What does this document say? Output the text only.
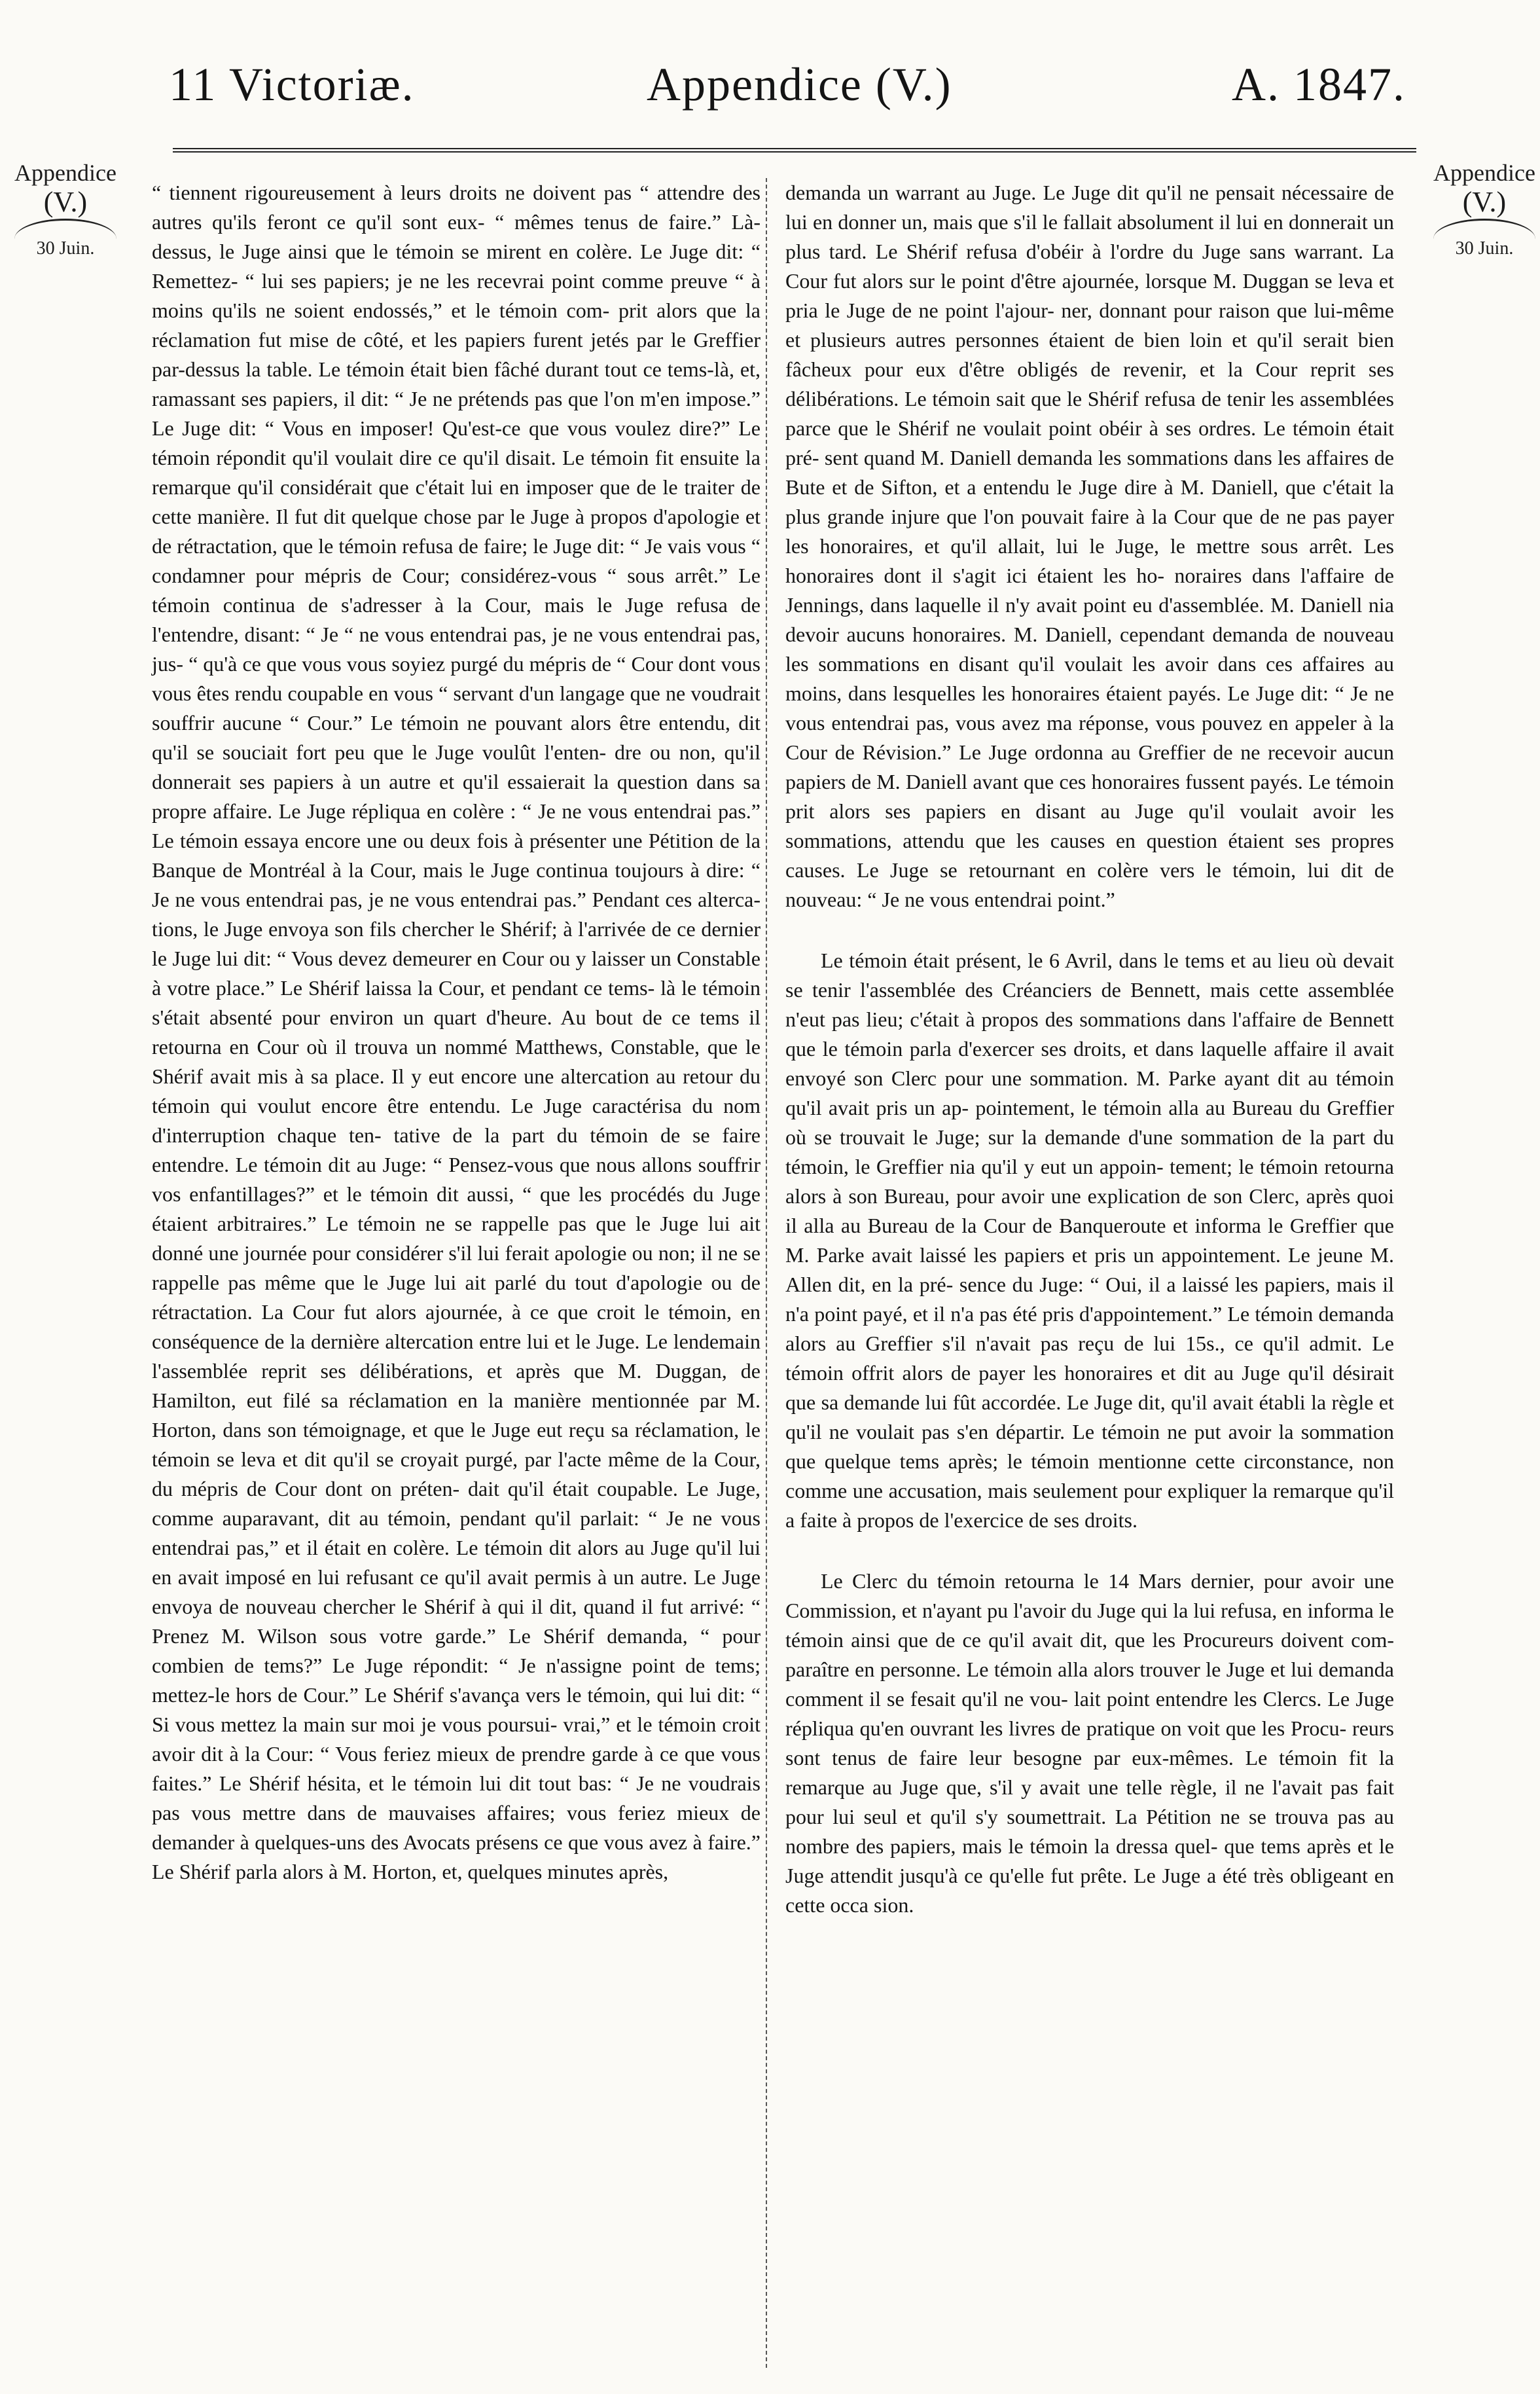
11 Victoriæ.	Appendice (V.)	A. 1847.
Appendice
(V.)
30 Juin.
Appendice
(V.)
30 Juin.

“ tiennent rigoureusement à leurs droits ne doivent pas “ attendre des autres qu'ils feront ce qu'il sont eux- “ mêmes tenus de faire.” Là-dessus, le Juge ainsi que le témoin se mirent en colère. Le Juge dit: “ Remettez- “ lui ses papiers; je ne les recevrai point comme preuve “ à moins qu'ils ne soient endossés,” et le témoin com- prit alors que la réclamation fut mise de côté, et les papiers furent jetés par le Greffier par-dessus la table. Le témoin était bien fâché durant tout ce tems-là, et, ramassant ses papiers, il dit: “ Je ne prétends pas que l'on m'en impose.” Le Juge dit: “ Vous en imposer! Qu'est-ce que vous voulez dire?” Le témoin répondit qu'il voulait dire ce qu'il disait. Le témoin fit ensuite la remarque qu'il considérait que c'était lui en imposer que de le traiter de cette manière. Il fut dit quelque chose par le Juge à propos d'apologie et de rétractation, que le témoin refusa de faire; le Juge dit: “ Je vais vous “ condamner pour mépris de Cour; considérez-vous “ sous arrêt.” Le témoin continua de s'adresser à la Cour, mais le Juge refusa de l'entendre, disant: “ Je “ ne vous entendrai pas, je ne vous entendrai pas, jus- “ qu'à ce que vous vous soyiez purgé du mépris de “ Cour dont vous vous êtes rendu coupable en vous “ servant d'un langage que ne voudrait souffrir aucune “ Cour.” Le témoin ne pouvant alors être entendu, dit qu'il se souciait fort peu que le Juge voulût l'enten- dre ou non, qu'il donnerait ses papiers à un autre et qu'il essaierait la question dans sa propre affaire. Le Juge répliqua en colère : “ Je ne vous entendrai pas.” Le témoin essaya encore une ou deux fois à présenter une Pétition de la Banque de Montréal à la Cour, mais le Juge continua toujours à dire: “ Je ne vous entendrai pas, je ne vous entendrai pas.” Pendant ces alterca- tions, le Juge envoya son fils chercher le Shérif; à l'arrivée de ce dernier le Juge lui dit: “ Vous devez demeurer en Cour ou y laisser un Constable à votre place.” Le Shérif laissa la Cour, et pendant ce tems- là le témoin s'était absenté pour environ un quart d'heure. Au bout de ce tems il retourna en Cour où il trouva un nommé Matthews, Constable, que le Shérif avait mis à sa place. Il y eut encore une altercation au retour du témoin qui voulut encore être entendu. Le Juge caractérisa du nom d'interruption chaque ten- tative de la part du témoin de se faire entendre. Le témoin dit au Juge: “ Pensez-vous que nous allons souffrir vos enfantillages?” et le témoin dit aussi, “ que les procédés du Juge étaient arbitraires.” Le témoin ne se rappelle pas que le Juge lui ait donné une journée pour considérer s'il lui ferait apologie ou non; il ne se rappelle pas même que le Juge lui ait parlé du tout d'apologie ou de rétractation. La Cour fut alors ajournée, à ce que croit le témoin, en conséquence de la dernière altercation entre lui et le Juge. Le lendemain l'assemblée reprit ses délibérations, et après que M. Duggan, de Hamilton, eut filé sa réclamation en la manière mentionnée par M. Horton, dans son témoignage, et que le Juge eut reçu sa réclamation, le témoin se leva et dit qu'il se croyait purgé, par l'acte même de la Cour, du mépris de Cour dont on préten- dait qu'il était coupable. Le Juge, comme auparavant, dit au témoin, pendant qu'il parlait: “ Je ne vous entendrai pas,” et il était en colère. Le témoin dit alors au Juge qu'il lui en avait imposé en lui refusant ce qu'il avait permis à un autre. Le Juge envoya de nouveau chercher le Shérif à qui il dit, quand il fut arrivé: “ Prenez M. Wilson sous votre garde.” Le Shérif demanda, “ pour combien de tems?” Le Juge répondit: “ Je n'assigne point de tems; mettez-le hors de Cour.” Le Shérif s'avança vers le témoin, qui lui dit: “ Si vous mettez la main sur moi je vous poursui- vrai,” et le témoin croit avoir dit à la Cour: “ Vous feriez mieux de prendre garde à ce que vous faites.” Le Shérif hésita, et le témoin lui dit tout bas: “ Je ne voudrais pas vous mettre dans de mauvaises affaires; vous feriez mieux de demander à quelques-uns des Avocats présens ce que vous avez à faire.” Le Shérif parla alors à M. Horton, et, quelques minutes après,

demanda un warrant au Juge. Le Juge dit qu'il ne pensait nécessaire de lui en donner un, mais que s'il le fallait absolument il lui en donnerait un plus tard. Le Shérif refusa d'obéir à l'ordre du Juge sans warrant. La Cour fut alors sur le point d'être ajournée, lorsque M. Duggan se leva et pria le Juge de ne point l'ajour- ner, donnant pour raison que lui-même et plusieurs autres personnes étaient de bien loin et qu'il serait bien fâcheux pour eux d'être obligés de revenir, et la Cour reprit ses délibérations. Le témoin sait que le Shérif refusa de tenir les assemblées parce que le Shérif ne voulait point obéir à ses ordres. Le témoin était pré- sent quand M. Daniell demanda les sommations dans les affaires de Bute et de Sifton, et a entendu le Juge dire à M. Daniell, que c'était la plus grande injure que l'on pouvait faire à la Cour que de ne pas payer les honoraires, et qu'il allait, lui le Juge, le mettre sous arrêt. Les honoraires dont il s'agit ici étaient les ho- noraires dans l'affaire de Jennings, dans laquelle il n'y avait point eu d'assemblée. M. Daniell nia devoir aucuns honoraires. M. Daniell, cependant demanda de nouveau les sommations en disant qu'il voulait les avoir dans ces affaires au moins, dans lesquelles les honoraires étaient payés. Le Juge dit: “ Je ne vous entendrai pas, vous avez ma réponse, vous pouvez en appeler à la Cour de Révision.” Le Juge ordonna au Greffier de ne recevoir aucun papiers de M. Daniell avant que ces honoraires fussent payés. Le témoin prit alors ses papiers en disant au Juge qu'il voulait avoir les sommations, attendu que les causes en question étaient ses propres causes. Le Juge se retournant en colère vers le témoin, lui dit de nouveau: “ Je ne vous entendrai point.”

Le témoin était présent, le 6 Avril, dans le tems et au lieu où devait se tenir l'assemblée des Créanciers de Bennett, mais cette assemblée n'eut pas lieu; c'était à propos des sommations dans l'affaire de Bennett que le témoin parla d'exercer ses droits, et dans laquelle affaire il avait envoyé son Clerc pour une sommation. M. Parke ayant dit au témoin qu'il avait pris un ap- pointement, le témoin alla au Bureau du Greffier où se trouvait le Juge; sur la demande d'une sommation de la part du témoin, le Greffier nia qu'il y eut un appoin- tement; le témoin retourna alors à son Bureau, pour avoir une explication de son Clerc, après quoi il alla au Bureau de la Cour de Banqueroute et informa le Greffier que M. Parke avait laissé les papiers et pris un appointement. Le jeune M. Allen dit, en la pré- sence du Juge: “ Oui, il a laissé les papiers, mais il n'a point payé, et il n'a pas été pris d'appointement.” Le témoin demanda alors au Greffier s'il n'avait pas reçu de lui 15s., ce qu'il admit. Le témoin offrit alors de payer les honoraires et dit au Juge qu'il désirait que sa demande lui fût accordée. Le Juge dit, qu'il avait établi la règle et qu'il ne voulait pas s'en départir. Le témoin ne put avoir la sommation que quelque tems après; le témoin mentionne cette circonstance, non comme une accusation, mais seulement pour expliquer la remarque qu'il a faite à propos de l'exercice de ses droits.

Le Clerc du témoin retourna le 14 Mars dernier, pour avoir une Commission, et n'ayant pu l'avoir du Juge qui la lui refusa, en informa le témoin ainsi que de ce qu'il avait dit, que les Procureurs doivent com- paraître en personne. Le témoin alla alors trouver le Juge et lui demanda comment il se fesait qu'il ne vou- lait point entendre les Clercs. Le Juge répliqua qu'en ouvrant les livres de pratique on voit que les Procu- reurs sont tenus de faire leur besogne par eux-mêmes. Le témoin fit la remarque au Juge que, s'il y avait une telle règle, il ne l'avait pas fait pour lui seul et qu'il s'y soumettrait. La Pétition ne se trouva pas au nombre des papiers, mais le témoin la dressa quel- que tems après et le Juge attendit jusqu'à ce qu'elle fut prête. Le Juge a été très obligeant en cette occa sion.
